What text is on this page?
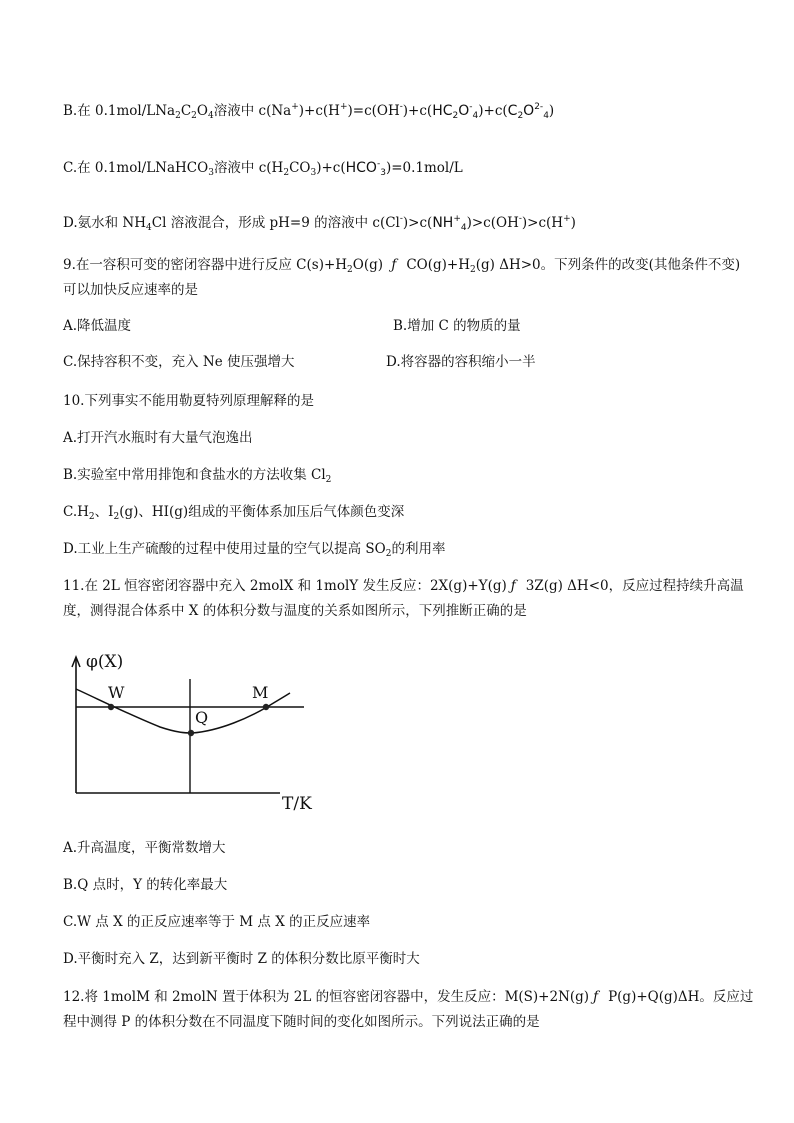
B.在 $0.1mol/LNa_2C_2O_4$溶液中 $c(Na^+)+c(H^+)=c(OH^-)+c(HC_2O^-_4)+c(C_2O^{2-}_4)$
C.在 0.1mol/LNaHCO$_3$溶液中 $c(H_2CO_3)+c(HCO^-_3)=0.1mol/L$
D.氨水和 $NH_4Cl$ 溶液混合，形成 pH=9 的溶液中 $c(Cl^-)>c(NH^+_4)>c(OH^-)>c(H^+)$
9.在一容积可变的密闭容器中进行反应 $C(s)+H_2O(g)$ ƒ $CO(g)+H_2(g)$ ΔH>0。下列条件的改变(其他条件不变)
可以加快反应速率的是
A.降低温度	B.增加 C 的物质的量
C.保持容积不变，充入 Ne 使压强增大	D.将容器的容积缩小一半
10.下列事实不能用勒夏特列原理解释的是
A.打开汽水瓶时有大量气泡逸出
B.实验室中常用排饱和食盐水的方法收集 $Cl_2$
$C.H_2$、$I_2(g)$、HI(g)组成的平衡体系加压后气体颜色变深
D.工业上生产硫酸的过程中使用过量的空气以提高 $SO_2$的利用率
11.在 2L 恒容密闭容器中充入 2molX 和 1molY 发生反应：2X(g)+Y(g) ƒ 3Z(g) ΔH<0，反应过程持续升高温
度，测得混合体系中 X 的体积分数与温度的关系如图所示，下列推断正确的是
φ(X)
W
Q
M
T/K
A.升高温度，平衡常数增大
B.Q 点时，Y 的转化率最大
C.W 点 X 的正反应速率等于 M 点 X 的正反应速率
D.平衡时充入 Z，达到新平衡时 Z 的体积分数比原平衡时大
12.将 1molM 和 2molN 置于体积为 2L 的恒容密闭容器中，发生反应：M(S)+2N(g) ƒ P(g)+Q(g)ΔH。反应过
程中测得 P 的体积分数在不同温度下随时间的变化如图所示。下列说法正确的是
